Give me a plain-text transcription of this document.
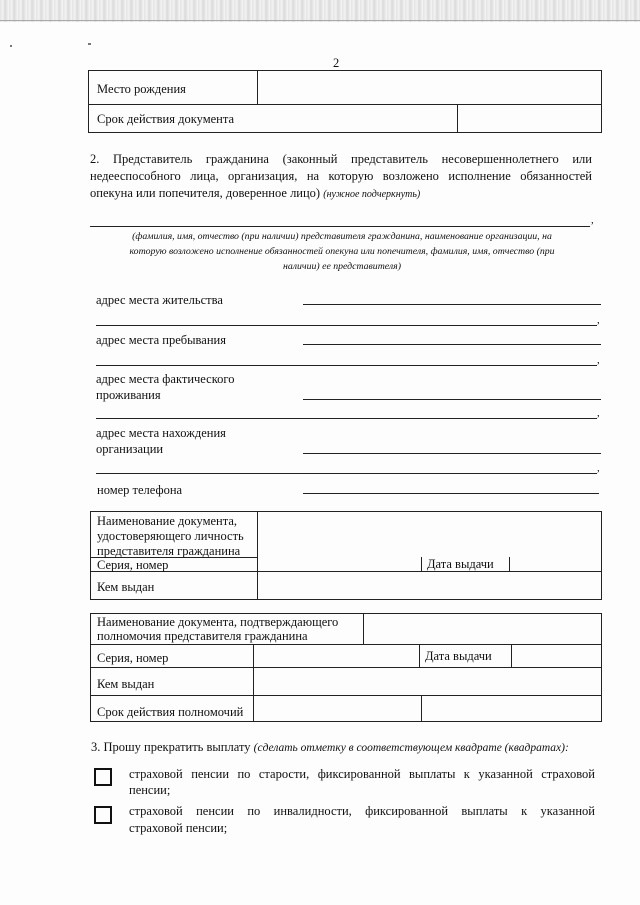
2
Место рождения
Срок действия документа
2. Представитель гражданина (законный представитель несовершеннолетнего или
недееспособного лица, организация, на которую возложено исполнение обязанностей
опекуна или попечителя, доверенное лицо) (нужное подчеркнуть)
,
(фамилия, имя, отчество (при наличии) представителя гражданина, наименование организации, на
которую возложено исполнение обязанностей опекуна или попечителя, фамилия, имя, отчество (при
наличии) ее представителя)
адрес места жительства
,
адрес места пребывания
,
адрес места фактического
проживания
,
адрес места нахождения
организации
,
номер телефона
Наименование документа,
удостоверяющего личность
представителя гражданина
Серия, номер	Дата выдачи
Кем выдан
Наименование документа, подтверждающего
полномочия представителя гражданина
Серия, номер	Дата выдачи
Кем выдан
Срок действия полномочий
3. Прошу прекратить выплату (сделать отметку в соответствующем квадрате (квадратах):
страховой пенсии по старости, фиксированной выплаты к указанной страховой
пенсии;
страховой пенсии по инвалидности, фиксированной выплаты к указанной
страховой пенсии;
